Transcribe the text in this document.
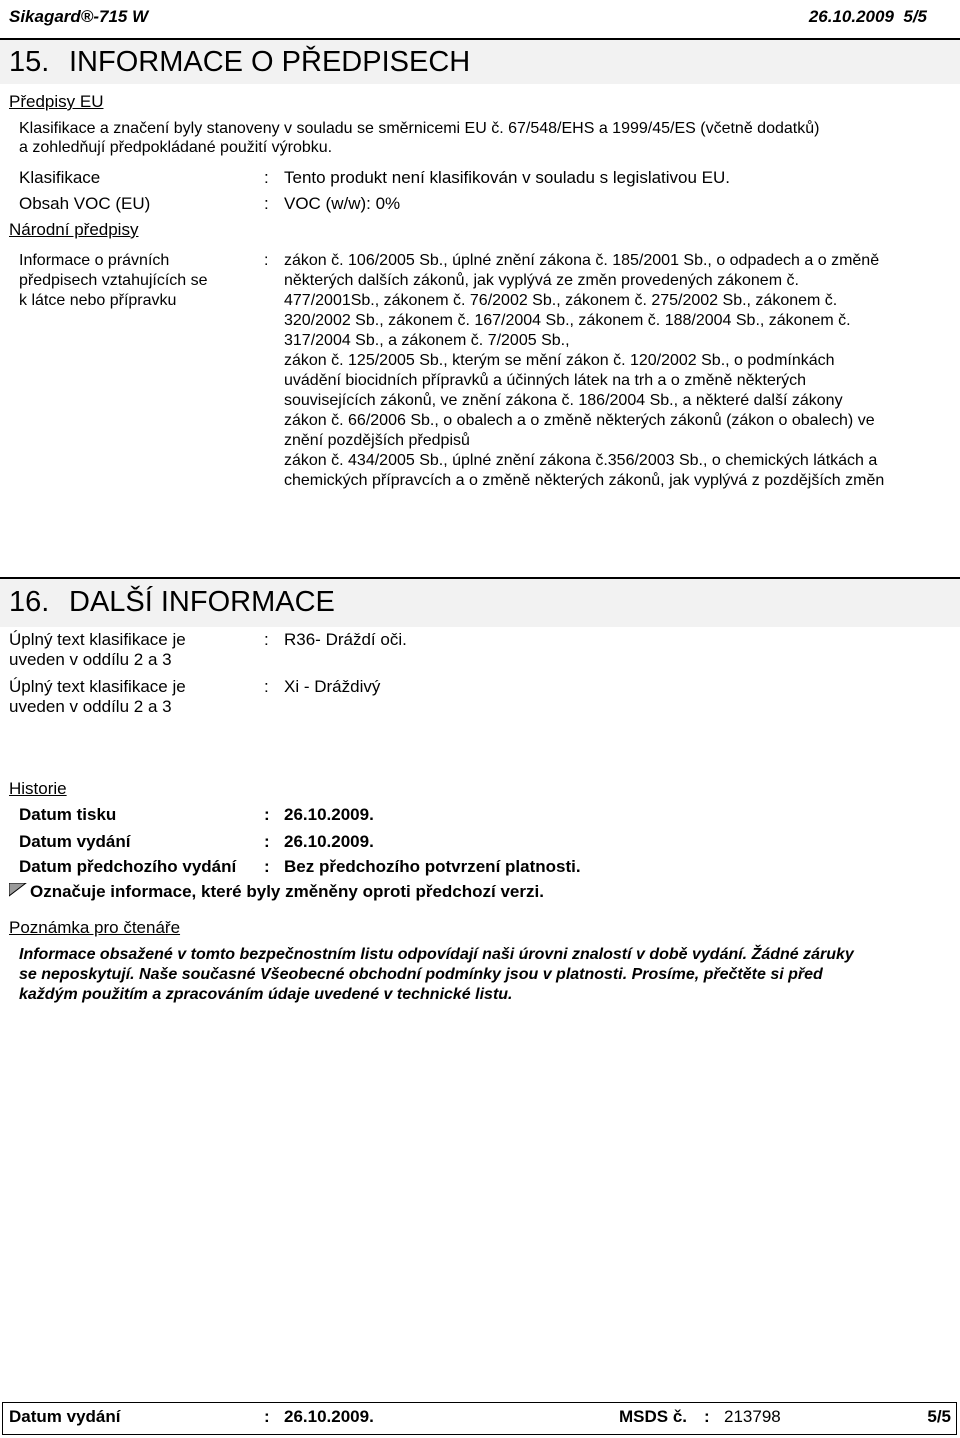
Sikagard®-715 W	26.10.2009 5/5
15. INFORMACE O PŘEDPISECH
Předpisy EU
Klasifikace a značení byly stanoveny v souladu se směrnicemi EU č. 67/548/EHS a 1999/45/ES (včetně dodatků)
a zohledňují předpokládané použití výrobku.
Klasifikace	: Tento produkt není klasifikován v souladu s legislativou EU.
Obsah VOC (EU)	: VOC (w/w): 0%
Národní předpisy
Informace o právních
předpisech vztahujících se
k látce nebo přípravku
: zákon č. 106/2005 Sb., úplné znění zákona č. 185/2001 Sb., o odpadech a o změně
některých dalších zákonů, jak vyplývá ze změn provedených zákonem č.
477/2001Sb., zákonem č. 76/2002 Sb., zákonem č. 275/2002 Sb., zákonem č.
320/2002 Sb., zákonem č. 167/2004 Sb., zákonem č. 188/2004 Sb., zákonem č.
317/2004 Sb., a zákonem č. 7/2005 Sb.,
zákon č. 125/2005 Sb., kterým se mění zákon č. 120/2002 Sb., o podmínkách
uvádění biocidních přípravků a účinných látek na trh a o změně některých
souvisejících zákonů, ve znění zákona č. 186/2004 Sb., a některé další zákony
zákon č. 66/2006 Sb., o obalech a o změně některých zákonů (zákon o obalech) ve
znění pozdějších předpisů
zákon č. 434/2005 Sb., úplné znění zákona č.356/2003 Sb., o chemických látkách a
chemických přípravcích a o změně některých zákonů, jak vyplývá z pozdějších zmĕn
16. DALŠÍ INFORMACE
Úplný text klasifikace je
uveden v oddílu 2 a 3
: R36- Dráždí oči.
Úplný text klasifikace je
uveden v oddílu 2 a 3
: Xi - Dráždivý
Historie
Datum tisku	: 26.10.2009.
Datum vydání	: 26.10.2009.
Datum předchozího vydání : Bez předchozího potvrzení platnosti.
Označuje informace, které byly změněny oproti předchozí verzi.
Poznámka pro čtenáře
Informace obsažené v tomto bezpečnostním listu odpovídají naši úrovni znalostí v době vydání. Žádné záruky
se neposkytují. Naše současné Všeobecné obchodní podmínky jsou v platnosti. Prosíme, přečtěte si před
každým použitím a zpracováním údaje uvedené v technické listu.
Datum vydání	: 26.10.2009.	MSDS č. : 213798	5/5
